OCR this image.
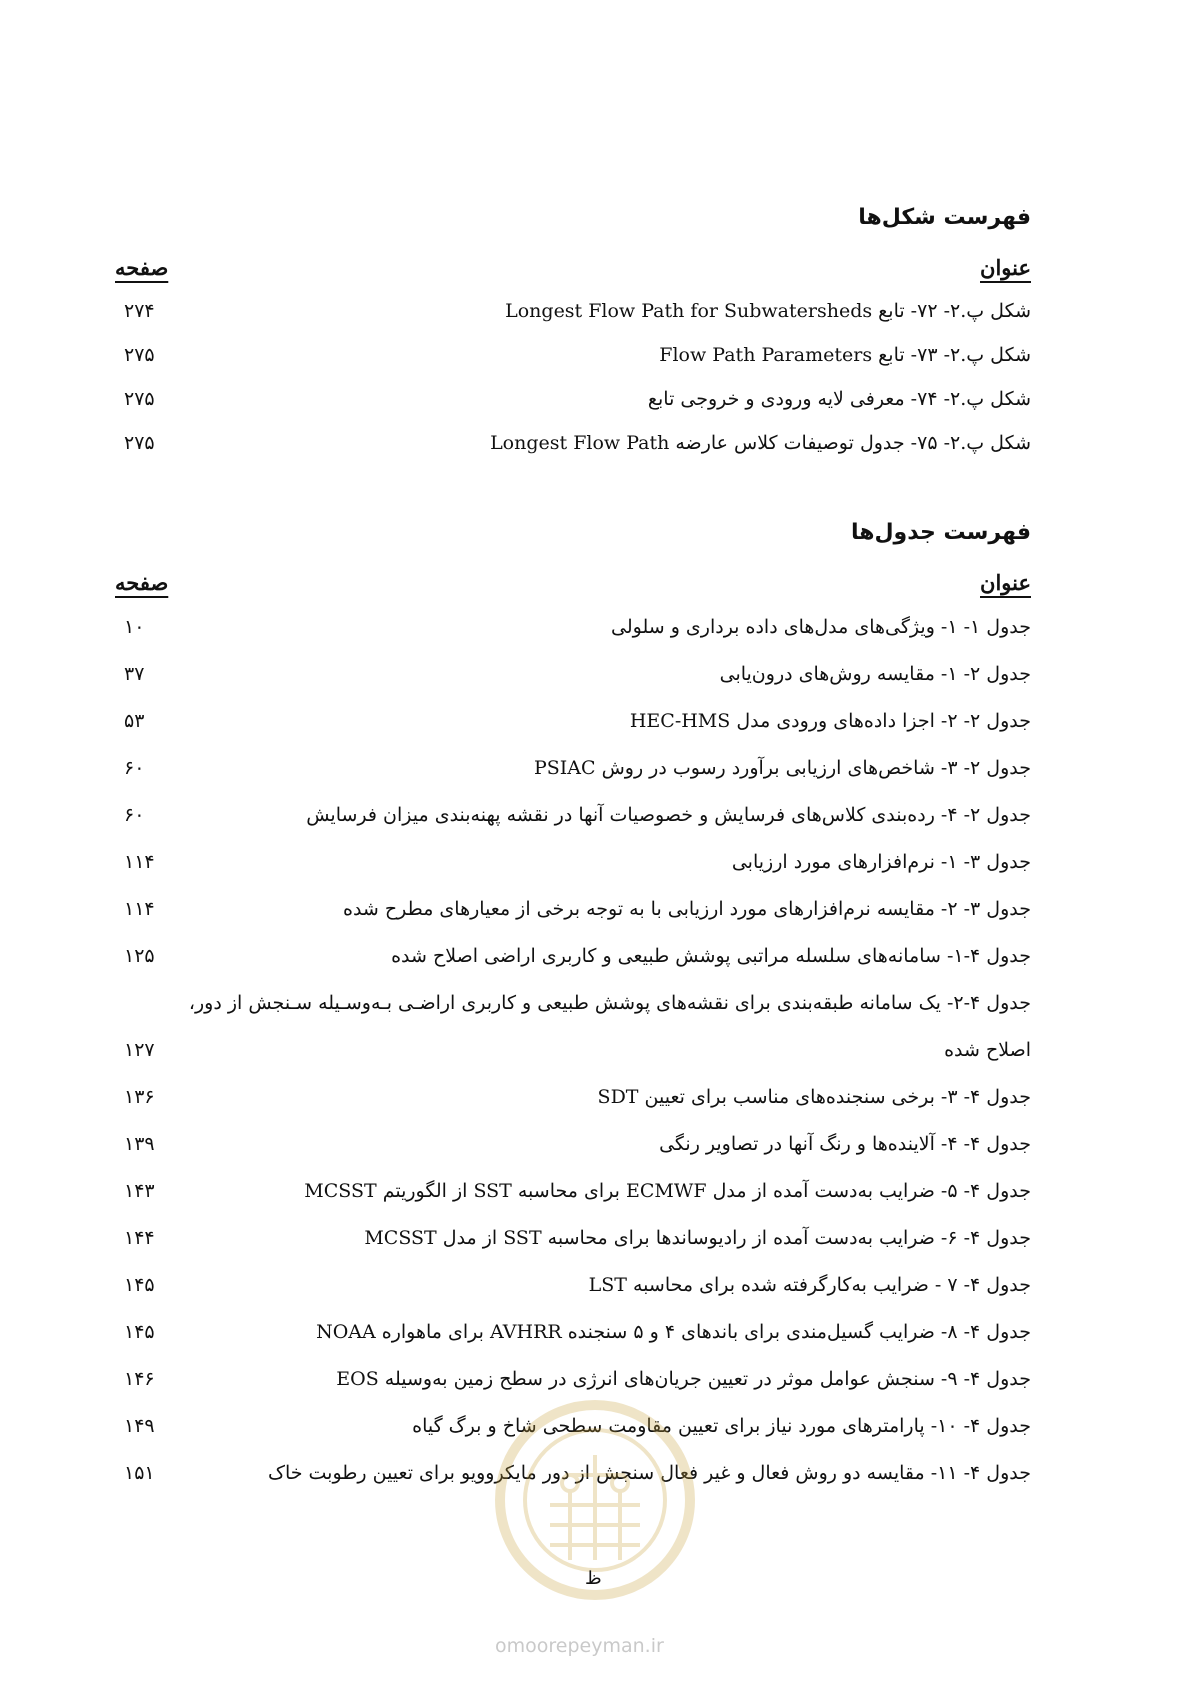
فهرست شکل‌ها
عنوان
صفحه
شکل پ.۲- ۷۲- تابع Longest Flow Path for Subwatersheds
۲۷۴
شکل پ.۲- ۷۳- تابع Flow Path Parameters
۲۷۵
شکل پ.۲- ۷۴- معرفی لایه ورودی و خروجی تابع
۲۷۵
شکل پ.۲- ۷۵- جدول توصیفات کلاس عارضه Longest Flow Path
۲۷۵
فهرست جدول‌ها
عنوان
صفحه
جدول ۱- ۱- ویژگی‌های مدل‌های داده برداری و سلولی
۱۰
جدول ۲- ۱- مقایسه روش‌های درون‌یابی
۳۷
جدول ۲- ۲- اجزا داده‌های ورودی مدل HEC-HMS
۵۳
جدول ۲- ۳- شاخص‌های ارزیابی برآورد رسوب در روش PSIAC
۶۰
جدول ۲- ۴- رده‌بندی کلاس‌های فرسایش و خصوصیات آنها در نقشه پهنه‌بندی میزان فرسایش
۶۰
جدول ۳- ۱- نرم‌افزارهای مورد ارزیابی
۱۱۴
جدول ۳- ۲- مقایسه نرم‌افزارهای مورد ارزیابی با به توجه برخی از معیارهای مطرح شده
۱۱۴
جدول ۴-۱- سامانه‌های سلسله مراتبی پوشش طبیعی و کاربری اراضی اصلاح شده
۱۲۵
جدول ۴-۲- یک سامانه طبقه‌بندی برای نقشه‌های پوشش طبیعی و کاربری اراضـی بـه‌وسـیله سـنجش از دور،
اصلاح شده
۱۲۷
جدول ۴- ۳- برخی سنجنده‌های مناسب برای تعیین SDT
۱۳۶
جدول ۴- ۴- آلاینده‌ها و رنگ آنها در تصاویر رنگی
۱۳۹
جدول ۴- ۵- ضرایب به‌دست آمده از مدل ECMWF برای محاسبه SST از الگوریتم MCSST
۱۴۳
جدول ۴- ۶- ضرایب به‌دست آمده از رادیوساندها برای محاسبه SST از مدل MCSST
۱۴۴
جدول ۴- ۷ - ضرایب به‌کارگرفته شده برای محاسبه LST
۱۴۵
جدول ۴- ۸- ضرایب گسیل‌مندی برای باندهای ۴ و ۵ سنجنده AVHRR برای ماهواره NOAA
۱۴۵
جدول ۴- ۹- سنجش عوامل موثر در تعیین جریان‌های انرژی در سطح زمین به‌وسیله EOS
۱۴۶
جدول ۴- ۱۰- پارامترهای مورد نیاز برای تعیین مقاومت سطحی شاخ و برگ گیاه
۱۴۹
جدول ۴- ۱۱- مقایسه دو روش فعال و غیر فعال سنجش از دور مایکروویو برای تعیین رطوبت خاک
۱۵۱
ظ
omoorepeyman.ir
